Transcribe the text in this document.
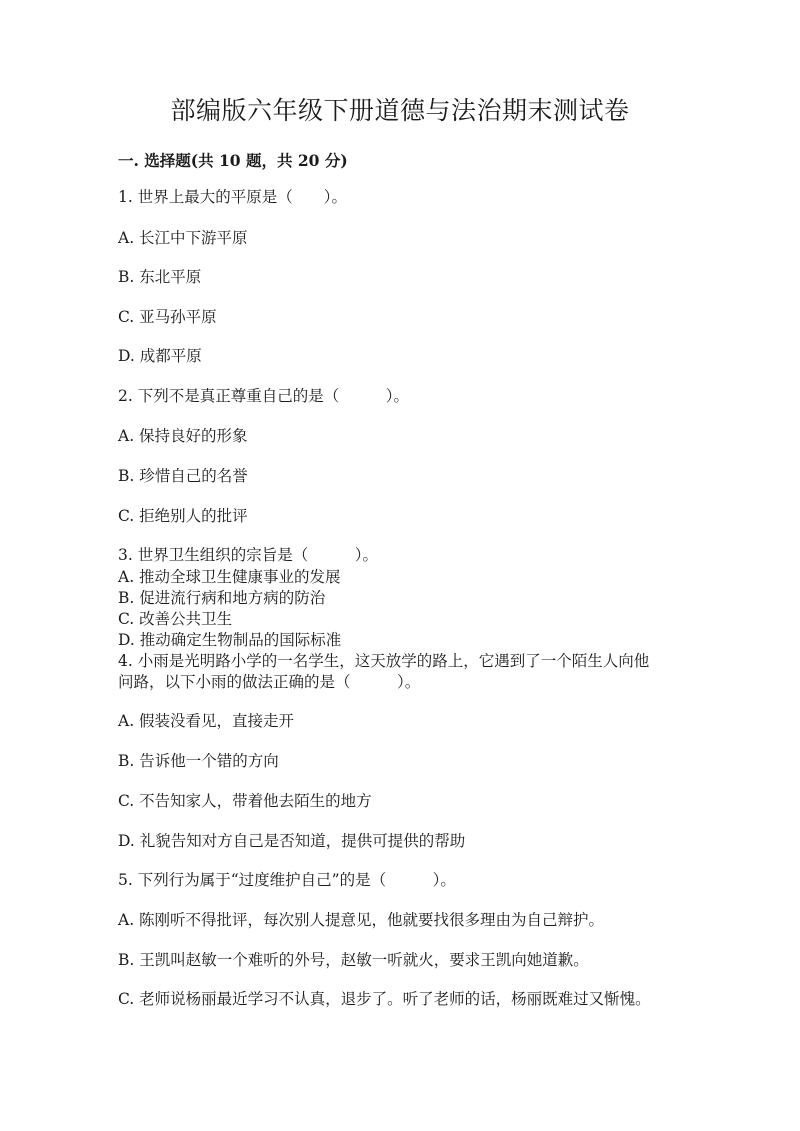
部编版六年级下册道德与法治期末测试卷
一. 选择题(共 10 题，共 20 分)
1. 世界上最大的平原是（　　）。
A. 长江中下游平原
B. 东北平原
C. 亚马孙平原
D. 成都平原
2. 下列不是真正尊重自己的是（　　　）。
A. 保持良好的形象
B. 珍惜自己的名誉
C. 拒绝别人的批评
3. 世界卫生组织的宗旨是（　　　）。
A. 推动全球卫生健康事业的发展
B. 促进流行病和地方病的防治
C. 改善公共卫生
D. 推动确定生物制品的国际标准
4. 小雨是光明路小学的一名学生，这天放学的路上，它遇到了一个陌生人向他
问路，以下小雨的做法正确的是（　　　）。
A. 假装没看见，直接走开
B. 告诉他一个错的方向
C. 不告知家人，带着他去陌生的地方
D. 礼貌告知对方自己是否知道，提供可提供的帮助
5. 下列行为属于“过度维护自己”的是（　　　）。
A. 陈刚听不得批评，每次别人提意见，他就要找很多理由为自己辩护。
B. 王凯叫赵敏一个难听的外号，赵敏一听就火，要求王凯向她道歉。
C. 老师说杨丽最近学习不认真，退步了。听了老师的话，杨丽既难过又惭愧。
